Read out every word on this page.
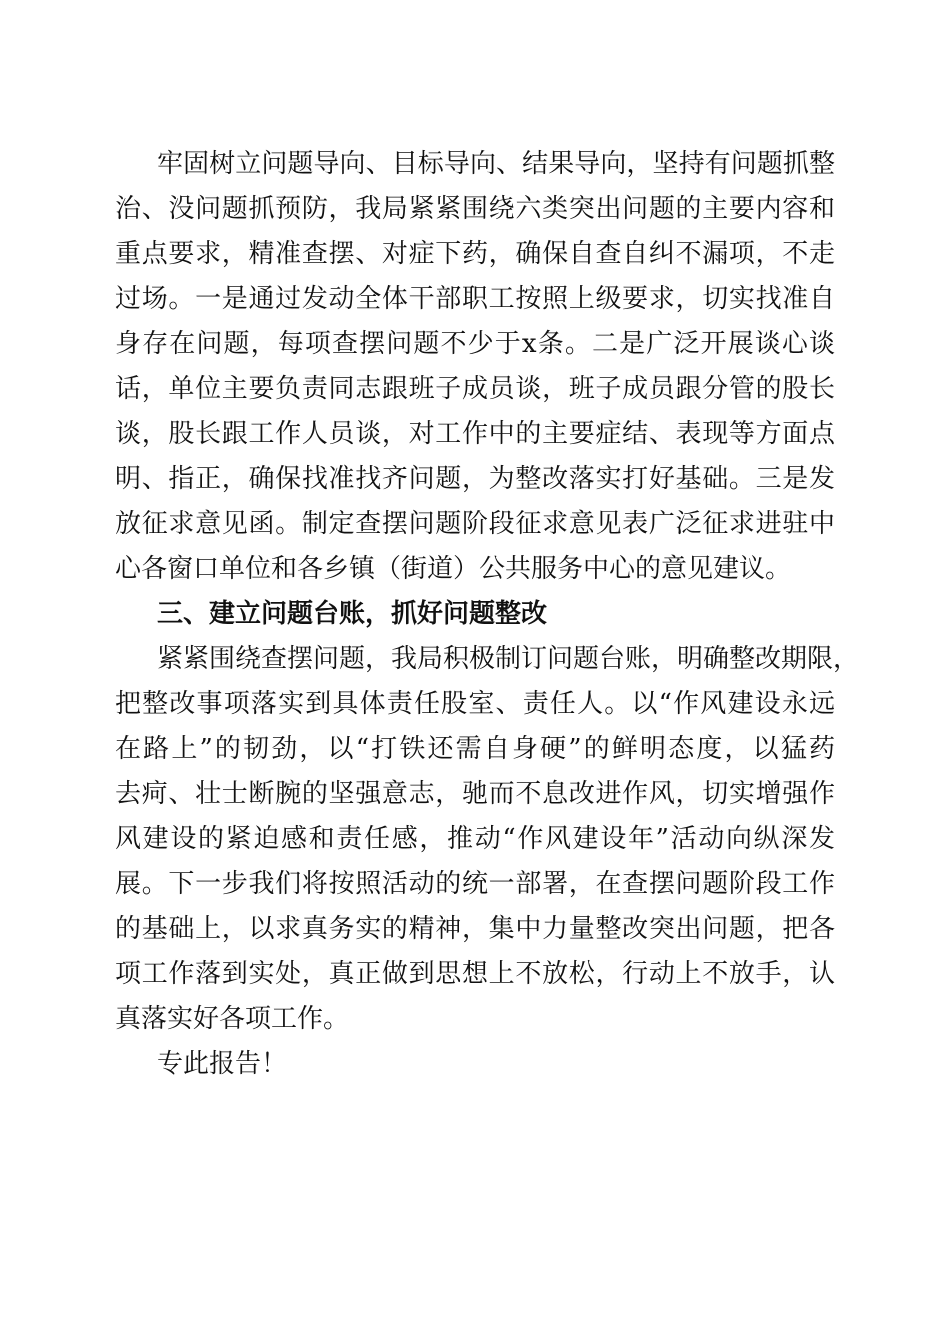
牢固树立问题导向、目标导向、结果导向，坚持有问题抓整
治、没问题抓预防，我局紧紧围绕六类突出问题的主要内容和
重点要求，精准查摆、对症下药，确保自查自纠不漏项，不走
过场。一是通过发动全体干部职工按照上级要求，切实找准自
身存在问题，每项查摆问题不少于x条。二是广泛开展谈心谈
话，单位主要负责同志跟班子成员谈，班子成员跟分管的股长
谈，股长跟工作人员谈，对工作中的主要症结、表现等方面点
明、指正，确保找准找齐问题，为整改落实打好基础。三是发
放征求意见函。制定查摆问题阶段征求意见表广泛征求进驻中
心各窗口单位和各乡镇（街道）公共服务中心的意见建议。
三、建立问题台账，抓好问题整改
紧紧围绕查摆问题，我局积极制订问题台账，明确整改期限，
把整改事项落实到具体责任股室、责任人。以“作风建设永远
在路上”的韧劲，以“打铁还需自身硬”的鲜明态度，以猛药
去疴、壮士断腕的坚强意志，驰而不息改进作风，切实增强作
风建设的紧迫感和责任感，推动“作风建设年”活动向纵深发
展。下一步我们将按照活动的统一部署，在查摆问题阶段工作
的基础上，以求真务实的精神，集中力量整改突出问题，把各
项工作落到实处，真正做到思想上不放松，行动上不放手，认
真落实好各项工作。
专此报告！
